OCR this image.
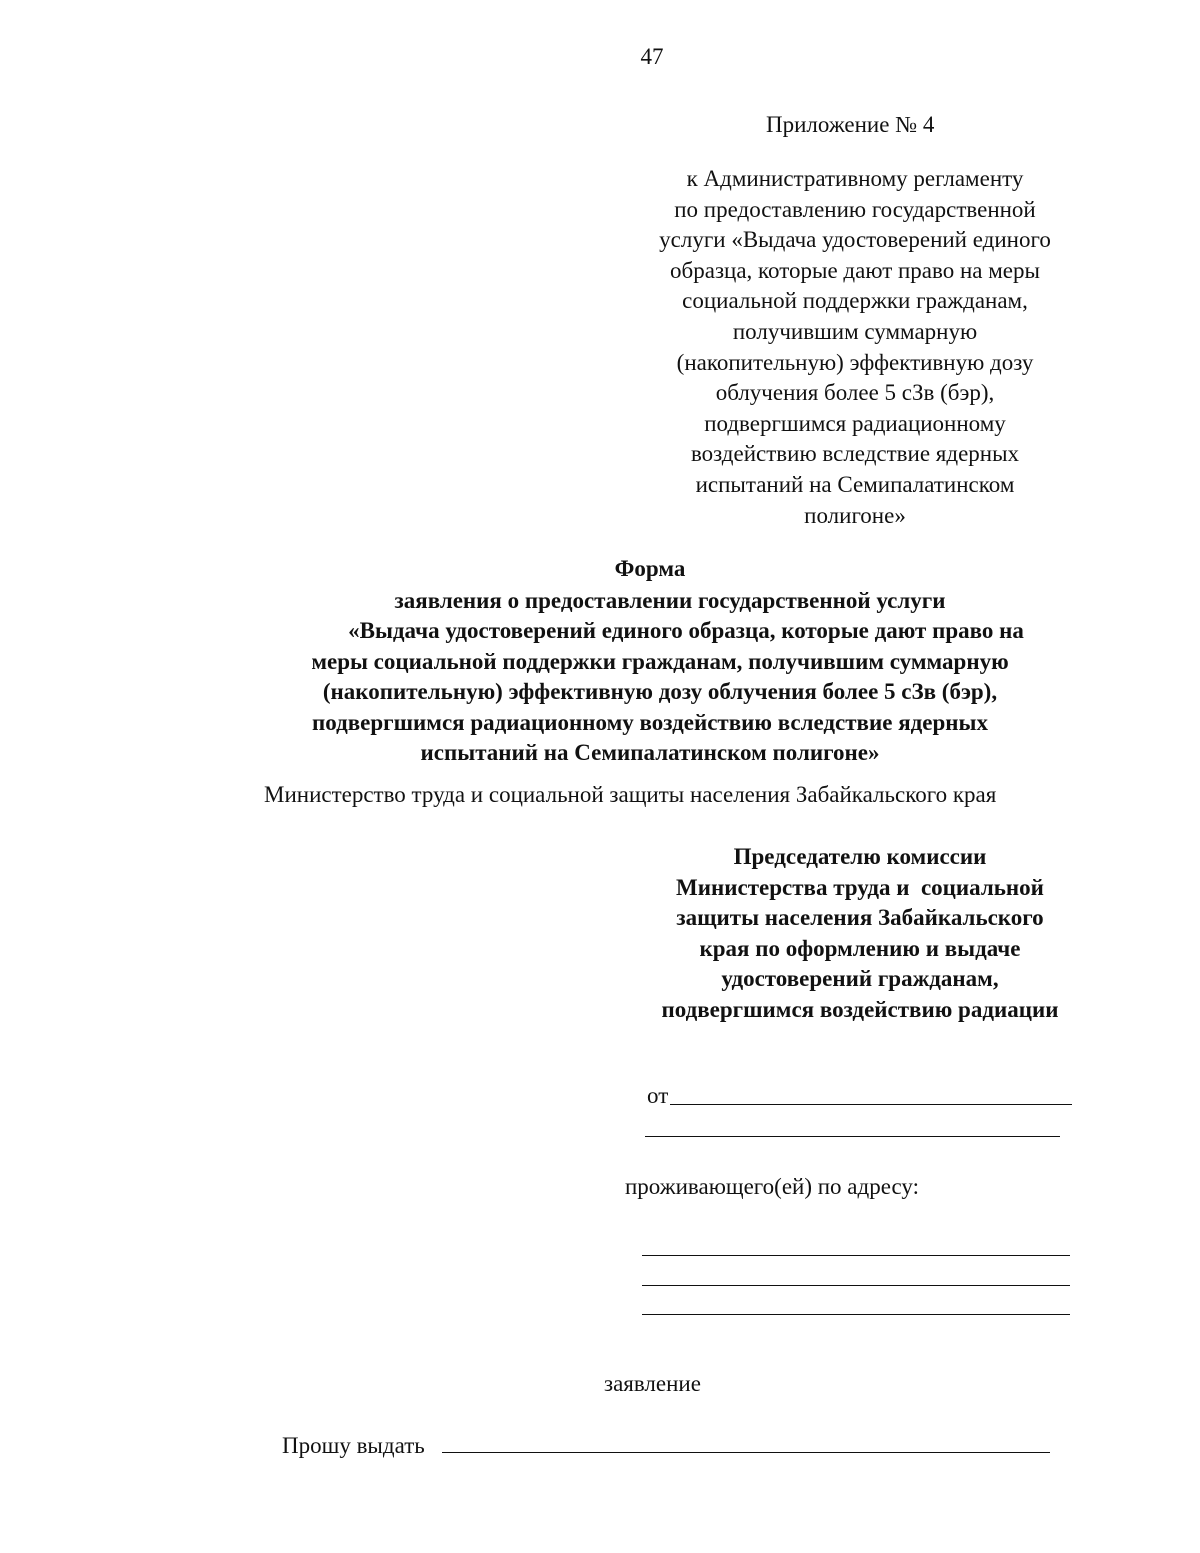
47
Приложение № 4
к Административному регламенту
по предоставлению государственной
услуги «Выдача удостоверений единого
образца, которые дают право на меры
социальной поддержки гражданам,
получившим суммарную
(накопительную) эффективную дозу
облучения более 5 сЗв (бэр),
подвергшимся радиационному
воздействию вследствие ядерных
испытаний на Семипалатинском
полигоне»
Форма
заявления о предоставлении государственной услуги
«Выдача удостоверений единого образца, которые дают право на
меры социальной поддержки гражданам, получившим суммарную
(накопительную) эффективную дозу облучения более 5 сЗв (бэр),
подвергшимся радиационному воздействию вследствие ядерных
испытаний на Семипалатинском полигоне»
Министерство труда и социальной защиты населения Забайкальского края
Председателю комиссии
Министерства труда и  социальной
защиты населения Забайкальского
края по оформлению и выдаче
удостоверений гражданам,
подвергшимся воздействию радиации
от
проживающего(ей) по адресу:
заявление
Прошу выдать
